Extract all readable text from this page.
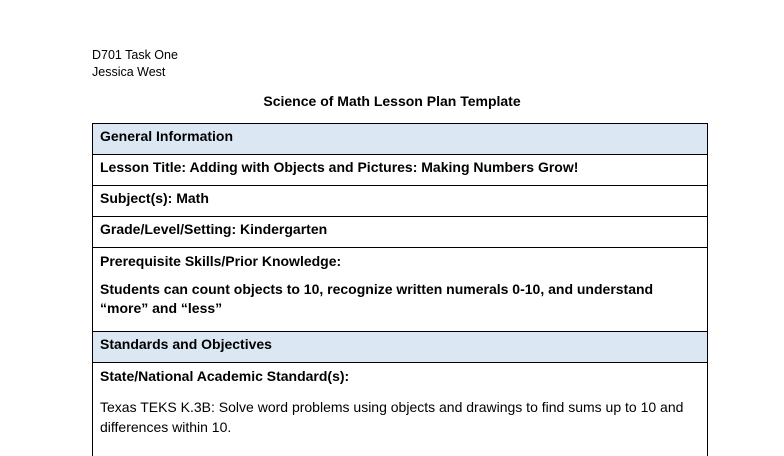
D701 Task One
Jessica West
Science of Math Lesson Plan Template
General Information
Lesson Title: Adding with Objects and Pictures: Making Numbers Grow!
Subject(s): Math
Grade/Level/Setting: Kindergarten
Prerequisite Skills/Prior Knowledge:
Students can count objects to 10, recognize written numerals 0-10, and understand “more” and “less”
Standards and Objectives
State/National Academic Standard(s):
Texas TEKS K.3B: Solve word problems using objects and drawings to find sums up to 10 and differences within 10.
